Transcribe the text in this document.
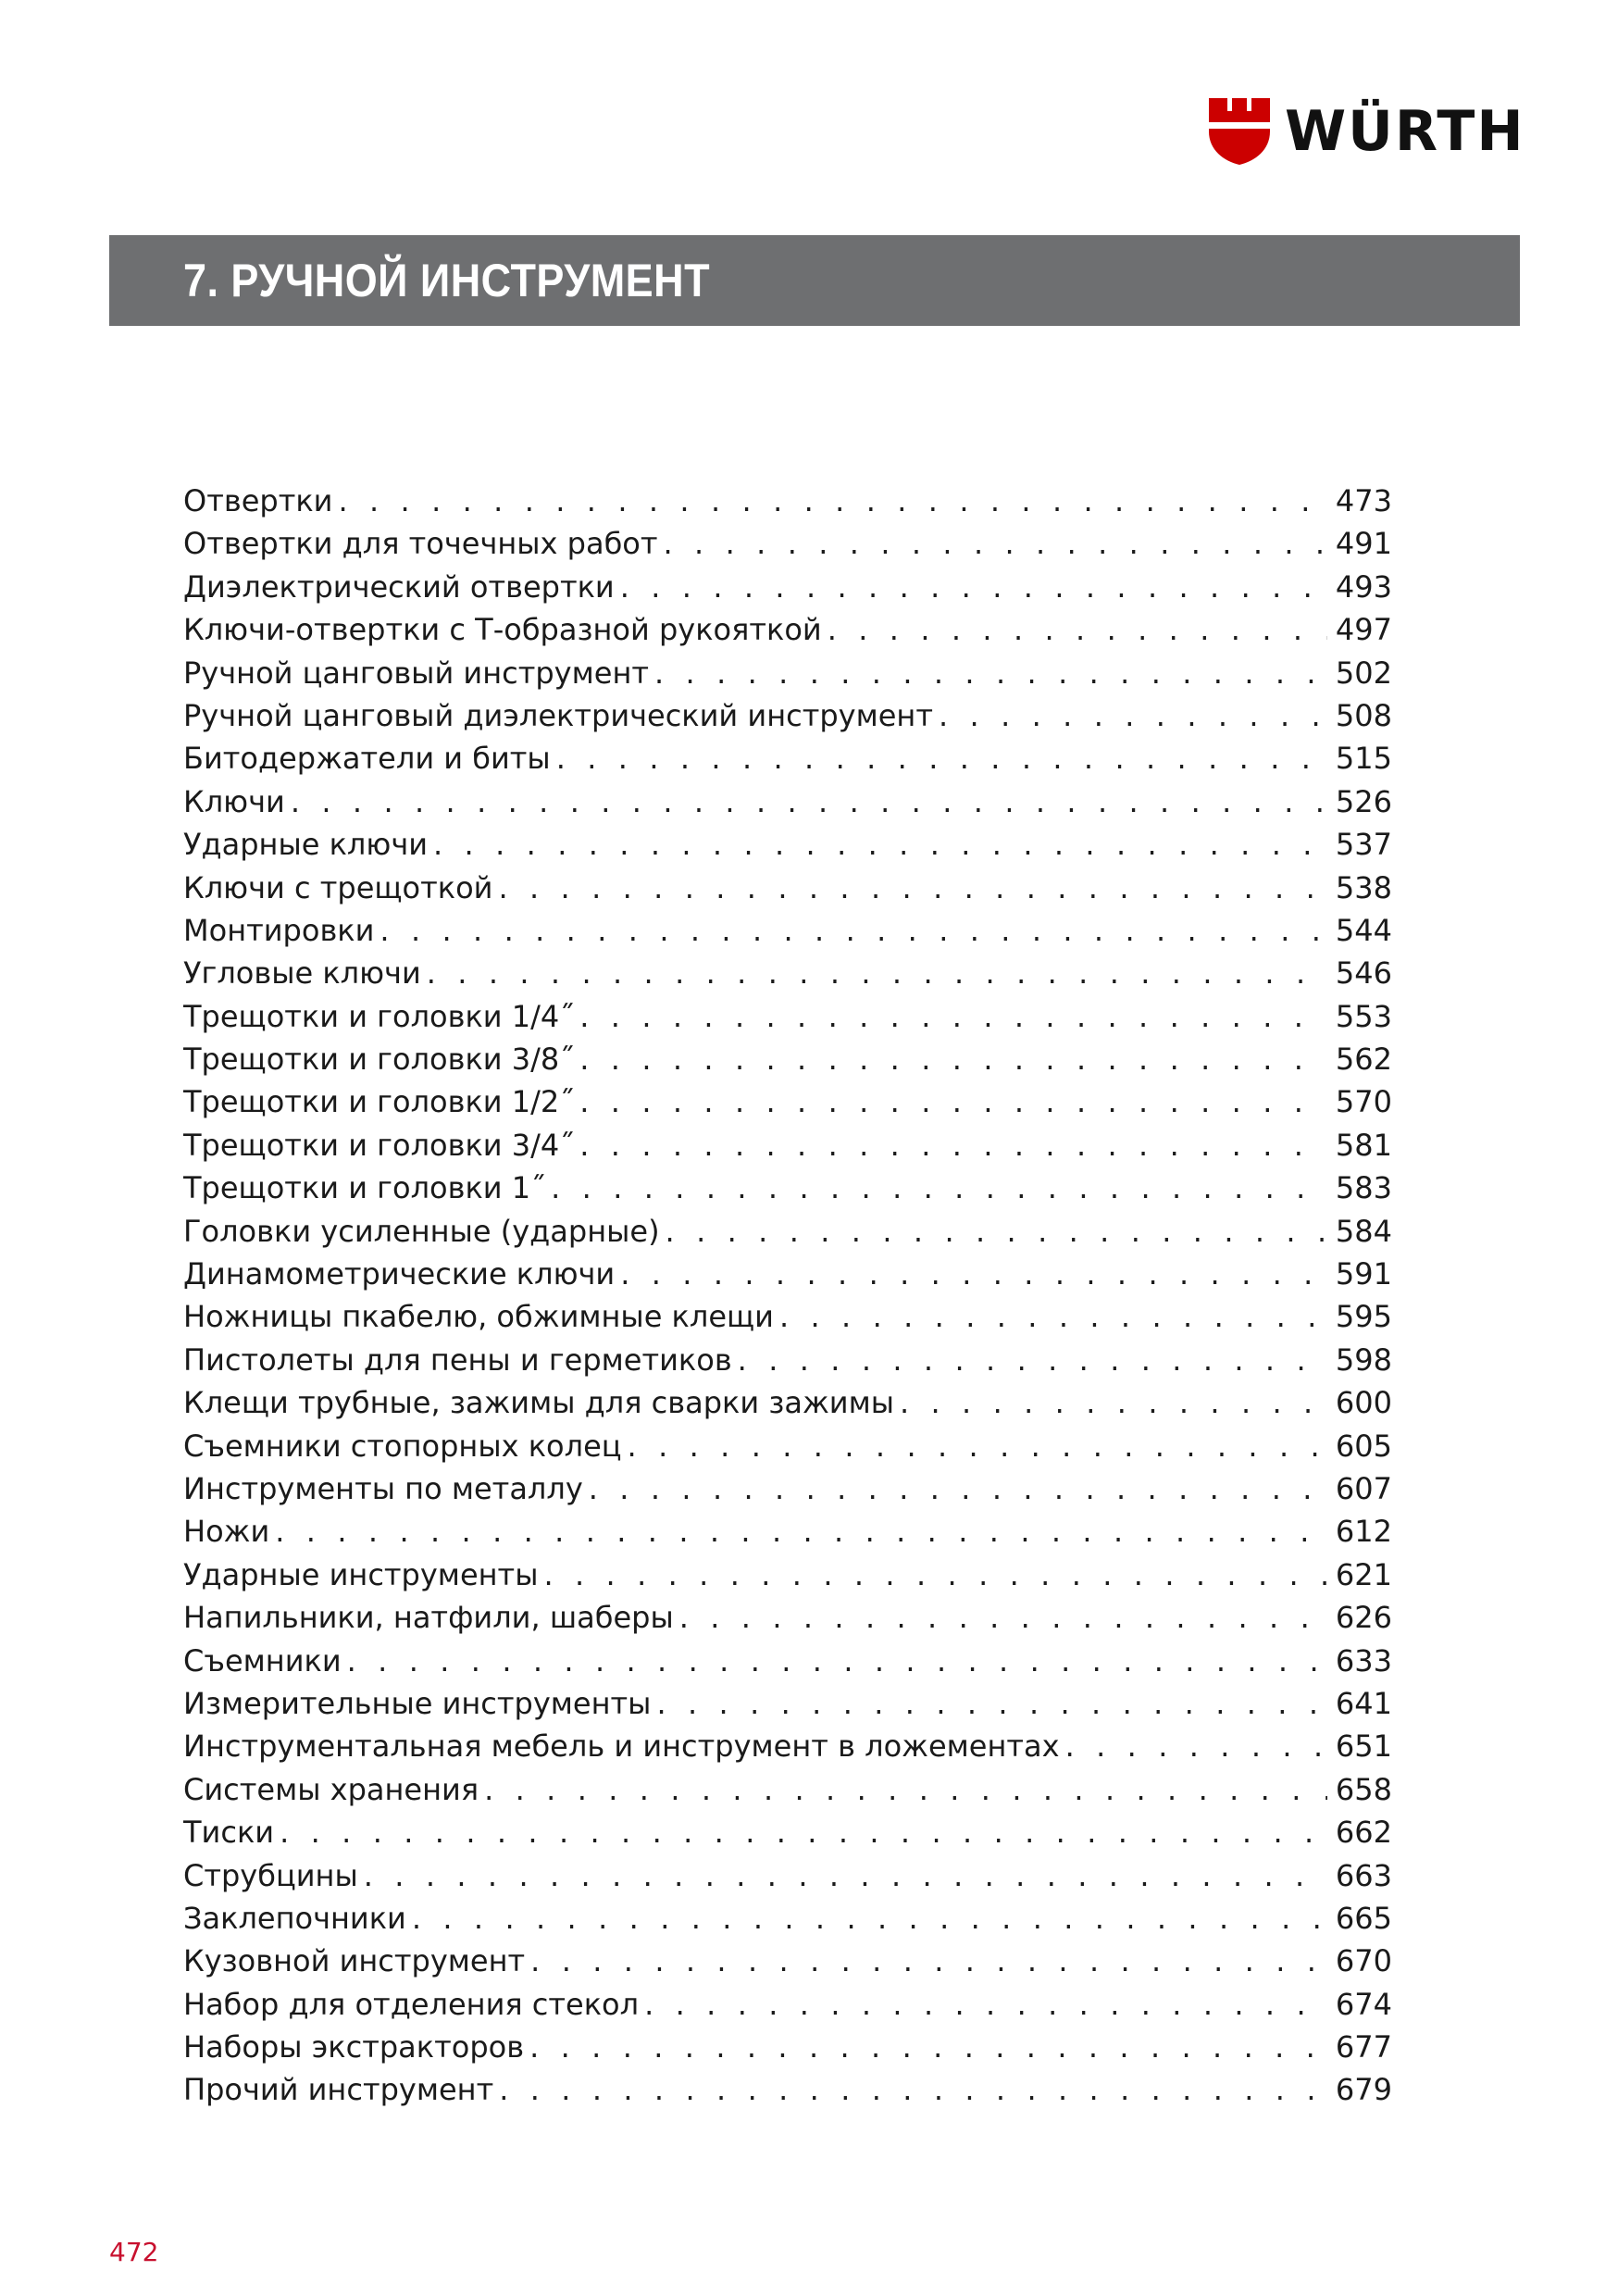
WÜRTH
7. РУЧНОЙ ИНСТРУМЕНТ
Отвертки . . .	473
Отвертки для точечных работ . . .	491
Диэлектрический отвертки . . .	493
Ключи-отвертки с Т-образной рукояткой . . .	497
Ручной цанговый инструмент . . .	502
Ручной цанговый диэлектрический инструмент . . .	508
Битодержатели и биты . . .	515
Ключи . . .	526
Ударные ключи . . .	537
Ключи с трещоткой . . .	538
Монтировки . . .	544
Угловые ключи . . .	546
Трещотки и головки 1/4˝ . . .	553
Трещотки и головки 3/8˝ . . .	562
Трещотки и головки 1/2˝ . . .	570
Трещотки и головки 3/4˝ . . .	581
Трещотки и головки 1˝ . . .	583
Головки усиленные (ударные) . . .	584
Динамометрические ключи . . .	591
Ножницы пкабелю, обжимные клещи . . .	595
Пистолеты для пены и герметиков . . .	598
Клещи трубные, зажимы для сварки зажимы . . .	600
Съемники стопорных колец . . .	605
Инструменты по металлу . . .	607
Ножи . . .	612
Ударные инструменты . . .	621
Напильники, натфили, шаберы . . .	626
Съемники . . .	633
Измерительные инструменты . . .	641
Инструментальная мебель и инструмент в ложементах . . .	651
Системы хранения . . .	658
Тиски . . .	662
Струбцины . . .	663
Заклепочники . . .	665
Кузовной инструмент . . .	670
Набор для отделения стекол . . .	674
Наборы экстракторов . . .	677
Прочий инструмент . . .	679
472
